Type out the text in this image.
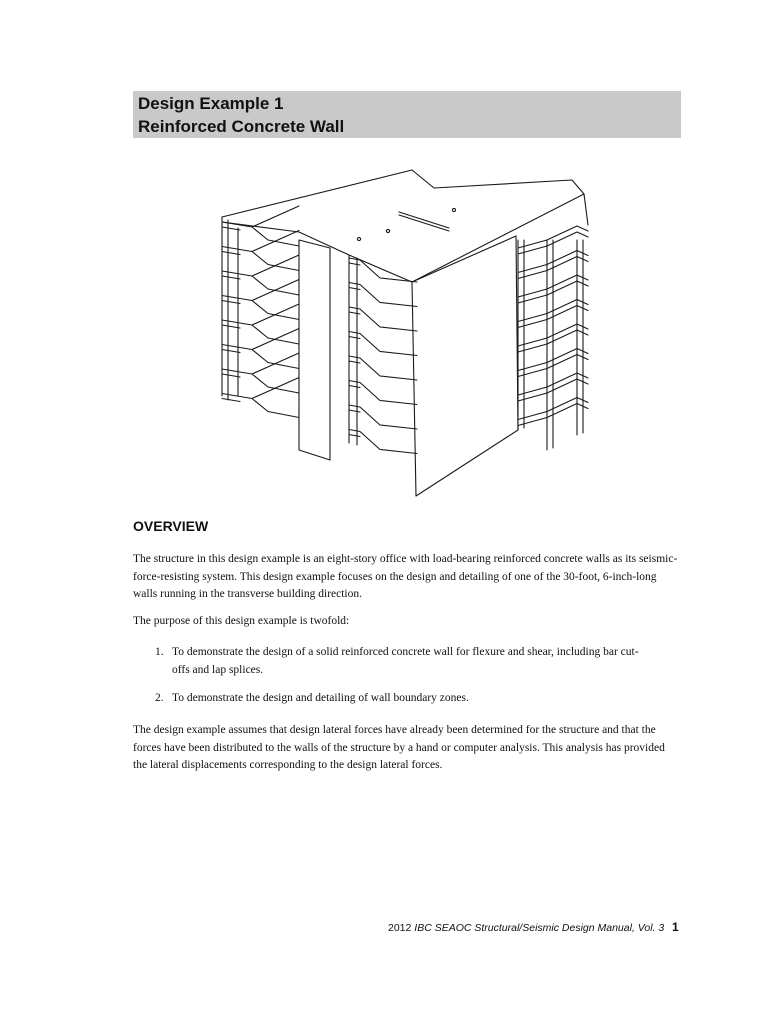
Design Example 1
Reinforced Concrete Wall
OVERVIEW

The structure in this design example is an eight-story office with load-bearing reinforced concrete walls as its seismic-force-resisting system. This design example focuses on the design and detailing of one of the 30-foot, 6-inch-long walls running in the transverse building direction.

The purpose of this design example is twofold:

1. To demonstrate the design of a solid reinforced concrete wall for flexure and shear, including bar cut-offs and lap splices.
2. To demonstrate the design and detailing of wall boundary zones.

The design example assumes that design lateral forces have already been determined for the structure and that the forces have been distributed to the walls of the structure by a hand or computer analysis. This analysis has provided the lateral displacements corresponding to the design lateral forces.

2012 IBC SEAOC Structural/Seismic Design Manual, Vol. 3 1
